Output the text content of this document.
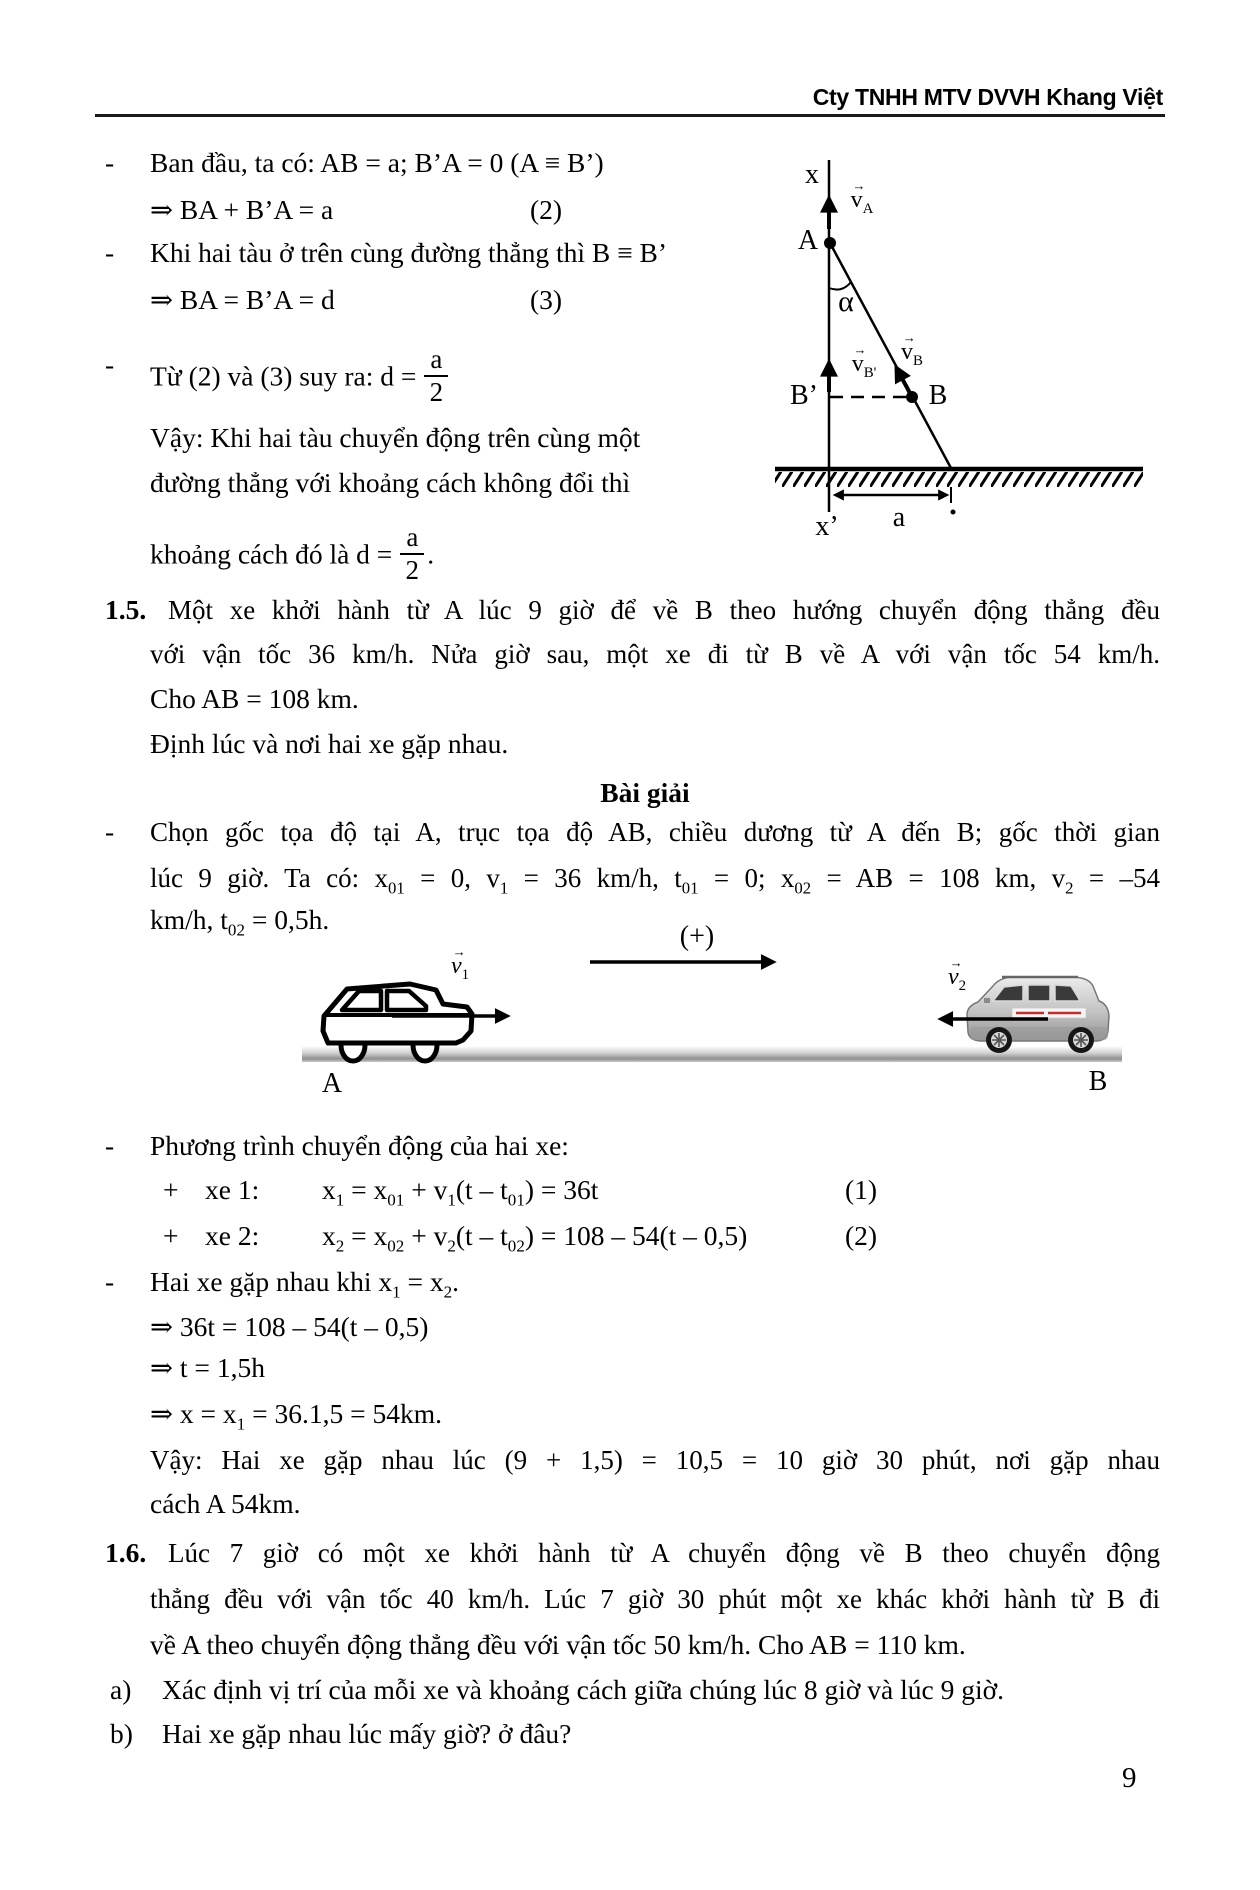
Cty TNHH MTV DVVH Khang Việt
- Ban đầu, ta có: AB = a; B’A = 0 (A ≡ B’)
⇒ BA + B’A = a	(2)
- Khi hai tàu ở trên cùng đường thẳng thì B ≡ B’
⇒ BA = B’A = d	(3)
- Từ (2) và (3) suy ra: $d = \frac{a}{2}$
Vậy: Khi hai tàu chuyển động trên cùng một
đường thẳng với khoảng cách không đổi thì
khoảng cách đó là $d = \frac{a}{2}$ .
x
→ $v_A$
A
α
→ $v_{B'}$
→ $v_B$
B’	B
x’ a
1.5. Một xe khởi hành từ A lúc 9 giờ để về B theo hướng chuyển động thẳng đều
với vận tốc 36 km/h. Nửa giờ sau, một xe đi từ B về A với vận tốc 54 km/h.
Cho AB = 108 km.
Định lúc và nơi hai xe gặp nhau.
Bài giải
- Chọn gốc tọa độ tại A, trục tọa độ AB, chiều dương từ A đến B; gốc thời gian
lúc 9 giờ. Ta có: $x_{01} = 0$, $v_1 = 36$ km/h, $t_{01} = 0$; $x_{02}$ = AB = 108 km, $v_2 = -54$
km/h, $t_{02} = 0,5h$.
(+)
→ $v_1$	→ $v_2$
A	B
- Phương trình chuyển động của hai xe:
+ xe 1: $x_1 = x_{01} + v_1(t - t_{01}) = 36t$	(1)
+ xe 2: $x_2 = x_{02} + v_2(t - t_{02}) = 108 - 54(t - 0,5)$	(2)
- Hai xe gặp nhau khi $x_1 = x_2$.
⇒ 36t = 108 – 54(t – 0,5)
⇒ t = 1,5h
⇒ $x = x_1 = 36.1,5 = 54km$.
Vậy: Hai xe gặp nhau lúc (9 + 1,5) = 10,5 = 10 giờ 30 phút, nơi gặp nhau
cách A 54km.
1.6. Lúc 7 giờ có một xe khởi hành từ A chuyển động về B theo chuyển động
thẳng đều với vận tốc 40 km/h. Lúc 7 giờ 30 phút một xe khác khởi hành từ B đi
về A theo chuyển động thẳng đều với vận tốc 50 km/h. Cho AB = 110 km.
a) Xác định vị trí của mỗi xe và khoảng cách giữa chúng lúc 8 giờ và lúc 9 giờ.
b) Hai xe gặp nhau lúc mấy giờ? ở đâu?
9
